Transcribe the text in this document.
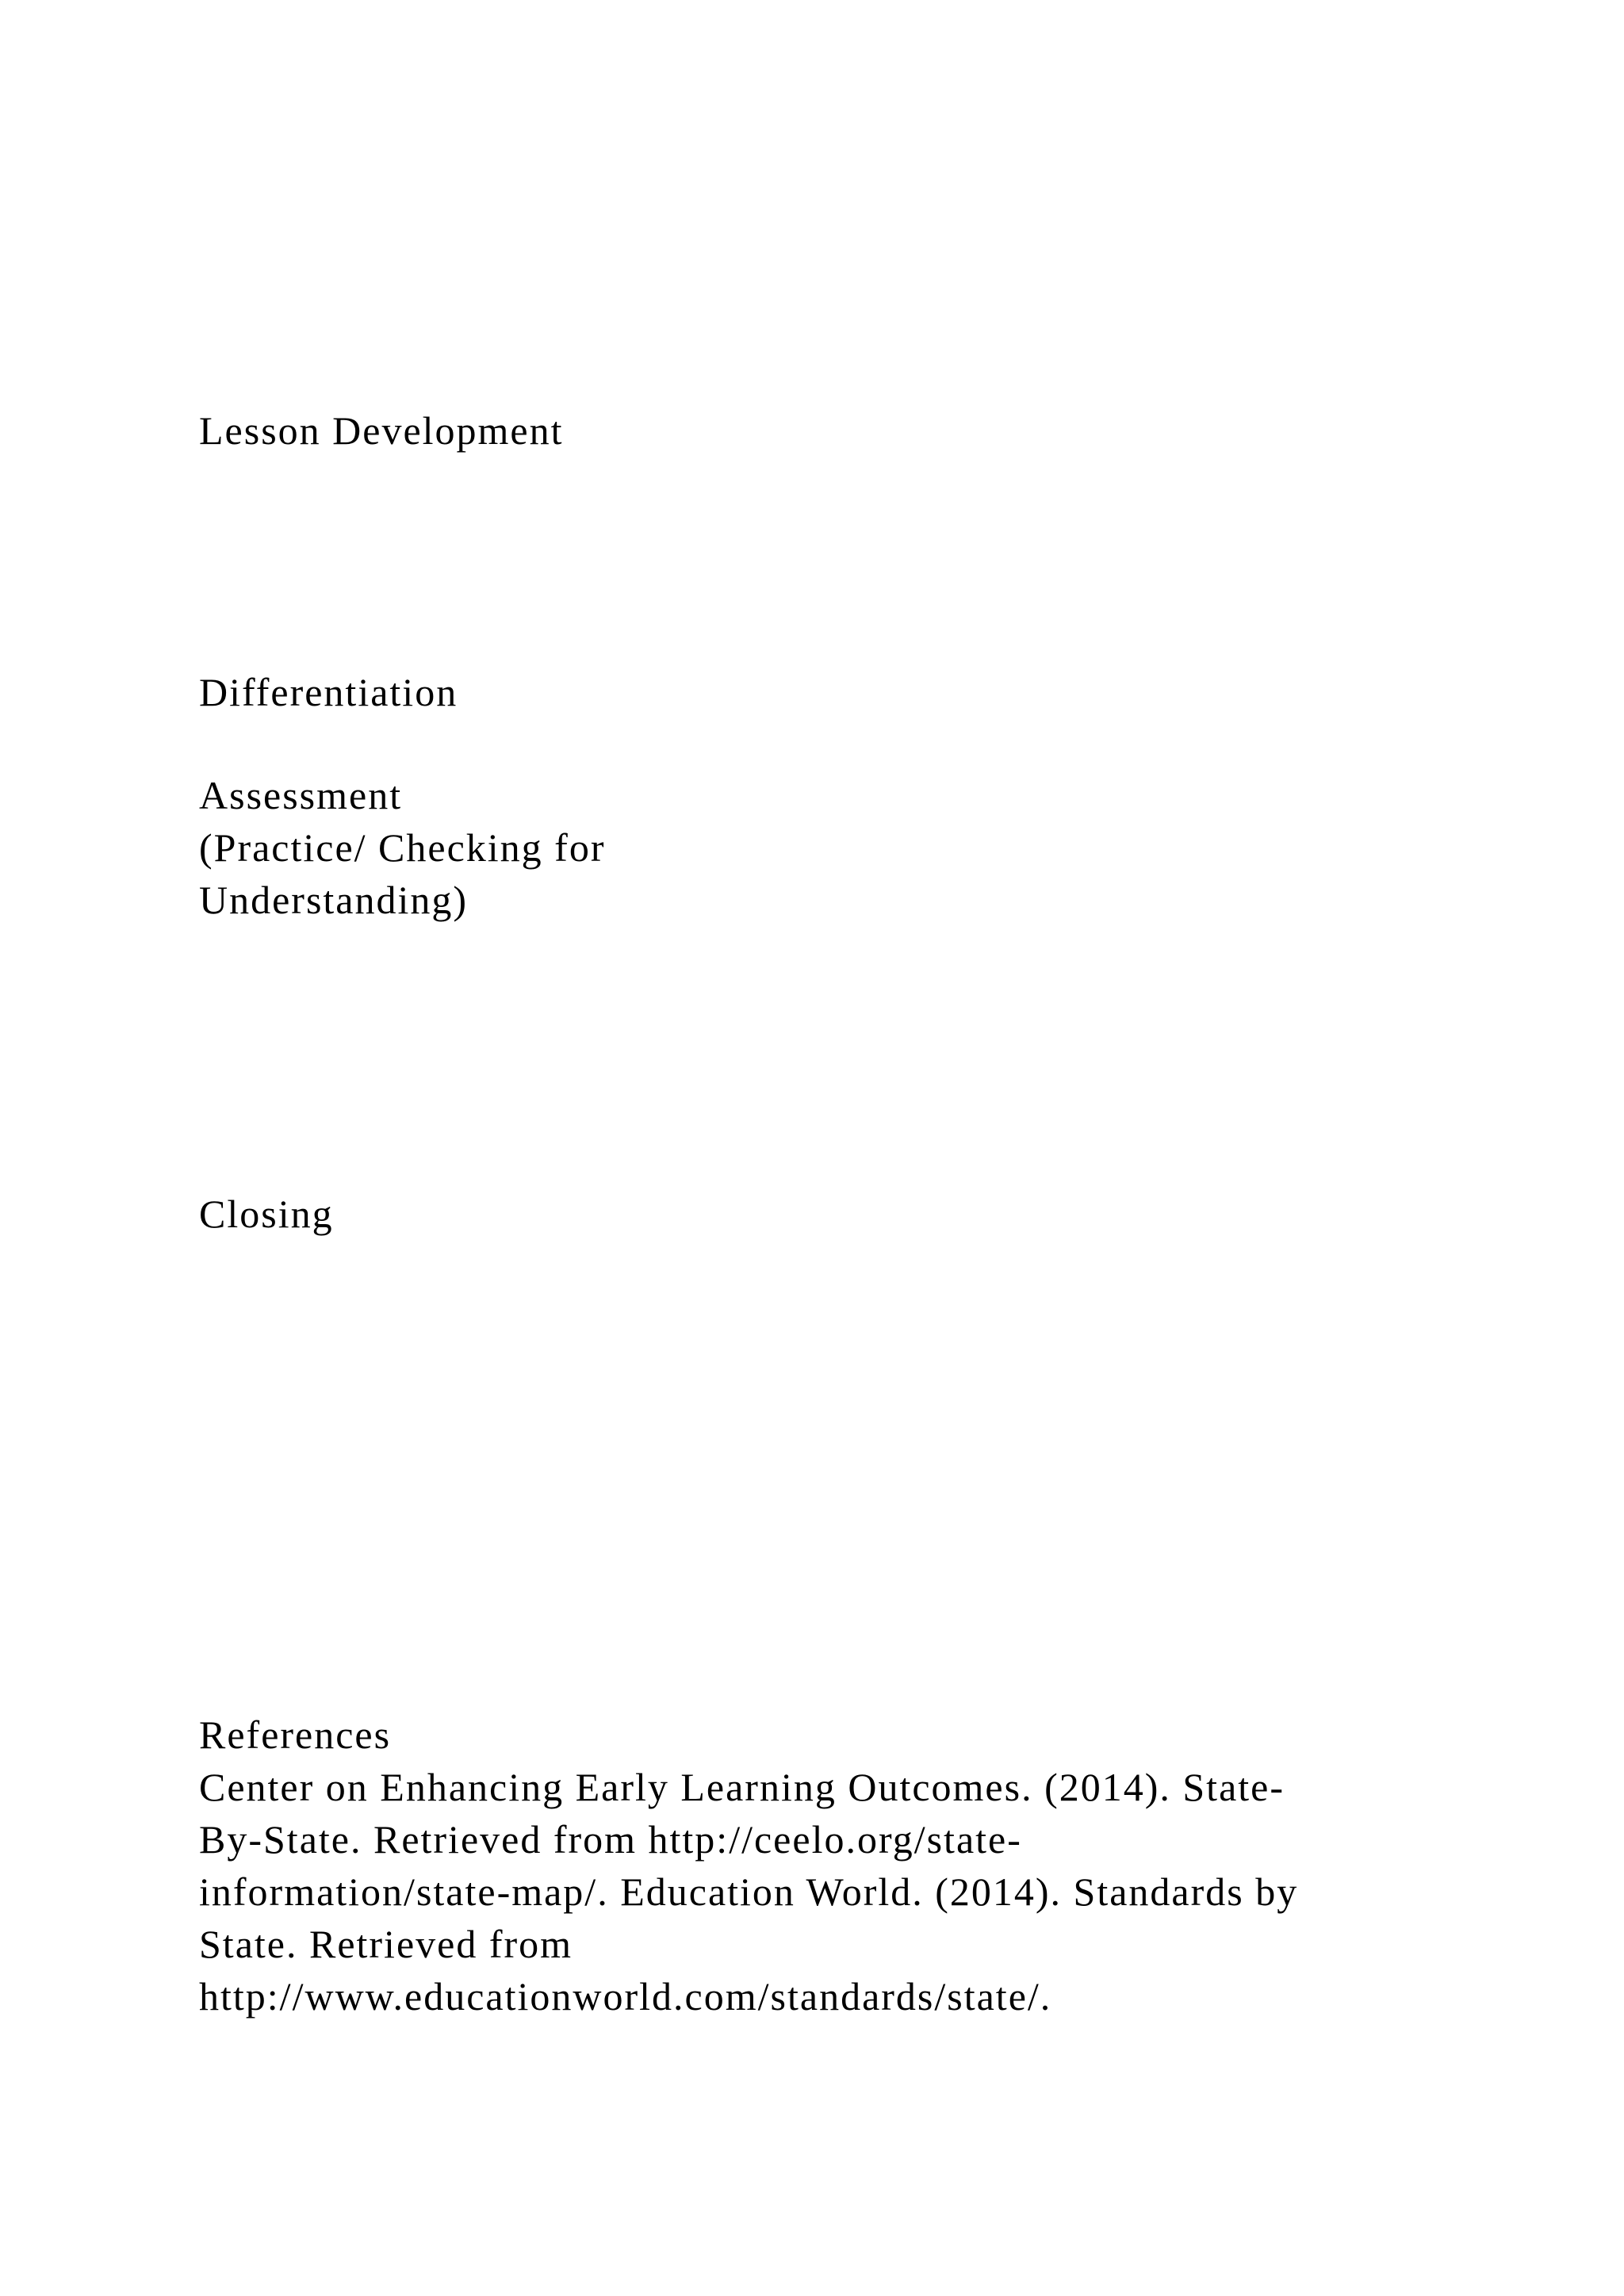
Lesson Development

Differentiation

Assessment

(Practice/ Checking for

Understanding)

Closing

References

Center on Enhancing Early Learning Outcomes. (2014). State-

By-State. Retrieved from http://ceelo.org/state-

information/state-map/. Education World. (2014). Standards by

State. Retrieved from

http://www.educationworld.com/standards/state/.
